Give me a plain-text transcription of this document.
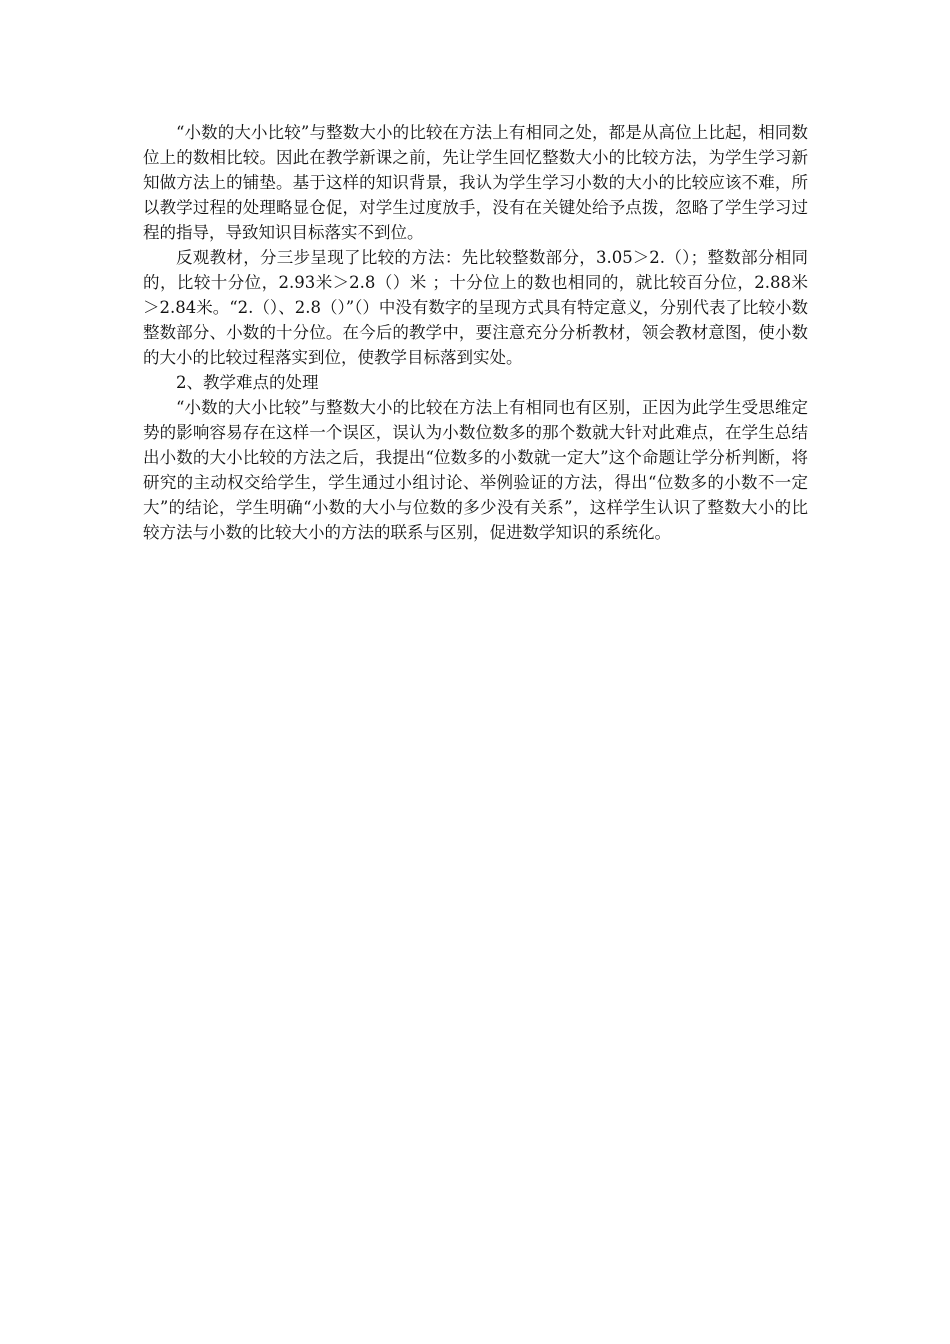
“小数的大小比较”与整数大小的比较在方法上有相同之处，都是从高位上比起，相同数位上的数相比较。因此在教学新课之前，先让学生回忆整数大小的比较方法，为学生学习新知做方法上的铺垫。基于这样的知识背景，我认为学生学习小数的大小的比较应该不难，所以教学过程的处理略显仓促，对学生过度放手，没有在关键处给予点拨，忽略了学生学习过程的指导，导致知识目标落实不到位。

反观教材，分三步呈现了比较的方法：先比较整数部分，3.05＞2.（）；整数部分相同的，比较十分位，2.93米＞2.8（）米 ；十分位上的数也相同的，就比较百分位，2.88米＞2.84米。“2.（）、2.8（）”（）中没有数字的呈现方式具有特定意义，分别代表了比较小数整数部分、小数的十分位。在今后的教学中，要注意充分分析教材，领会教材意图，使小数的大小的比较过程落实到位，使教学目标落到实处。

2、教学难点的处理

“小数的大小比较”与整数大小的比较在方法上有相同也有区别，正因为此学生受思维定势的影响容易存在这样一个误区，误认为小数位数多的那个数就大针对此难点，在学生总结出小数的大小比较的方法之后，我提出“位数多的小数就一定大”这个命题让学分析判断，将研究的主动权交给学生，学生通过小组讨论、举例验证的方法，得出“位数多的小数不一定大”的结论，学生明确“小数的大小与位数的多少没有关系”，这样学生认识了整数大小的比较方法与小数的比较大小的方法的联系与区别，促进数学知识的系统化。
